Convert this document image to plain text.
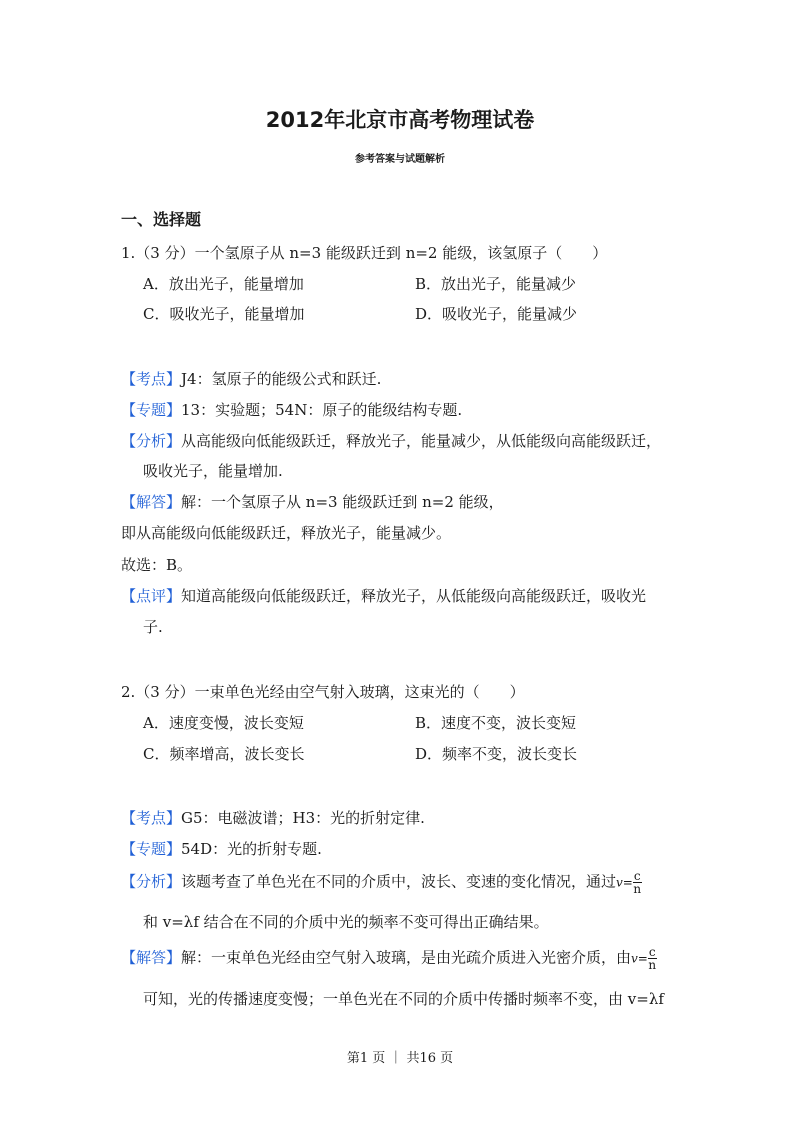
2012年北京市高考物理试卷
参考答案与试题解析
一、选择题
1.（3 分）一个氢原子从 n=3 能级跃迁到 n=2 能级，该氢原子（　　）
A．放出光子，能量增加	B．放出光子，能量减少
C．吸收光子，能量增加	D．吸收光子，能量减少
【考点】J4：氢原子的能级公式和跃迁.
【专题】13：实验题；54N：原子的能级结构专题.
【分析】从高能级向低能级跃迁，释放光子，能量减少，从低能级向高能级跃迁，
吸收光子，能量增加.
【解答】解：一个氢原子从 n=3 能级跃迁到 n=2 能级，
即从高能级向低能级跃迁，释放光子，能量减少。
故选：B。
【点评】知道高能级向低能级跃迁，释放光子，从低能级向高能级跃迁，吸收光
子.
2.（3 分）一束单色光经由空气射入玻璃，这束光的（　　）
A．速度变慢，波长变短	B．速度不变，波长变短
C．频率增高，波长变长	D．频率不变，波长变长
【考点】G5：电磁波谱；H3：光的折射定律.
【专题】54D：光的折射专题.
【分析】该题考查了单色光在不同的介质中，波长、变速的变化情况，通过$v= \frac{c}{n}$
和 v=λf 结合在不同的介质中光的频率不变可得出正确结果。
【解答】解：一束单色光经由空气射入玻璃，是由光疏介质进入光密介质，由$v= \frac{c}{n}$
可知，光的传播速度变慢；一单色光在不同的介质中传播时频率不变，由 v=λf
第1 页 ｜ 共16 页
